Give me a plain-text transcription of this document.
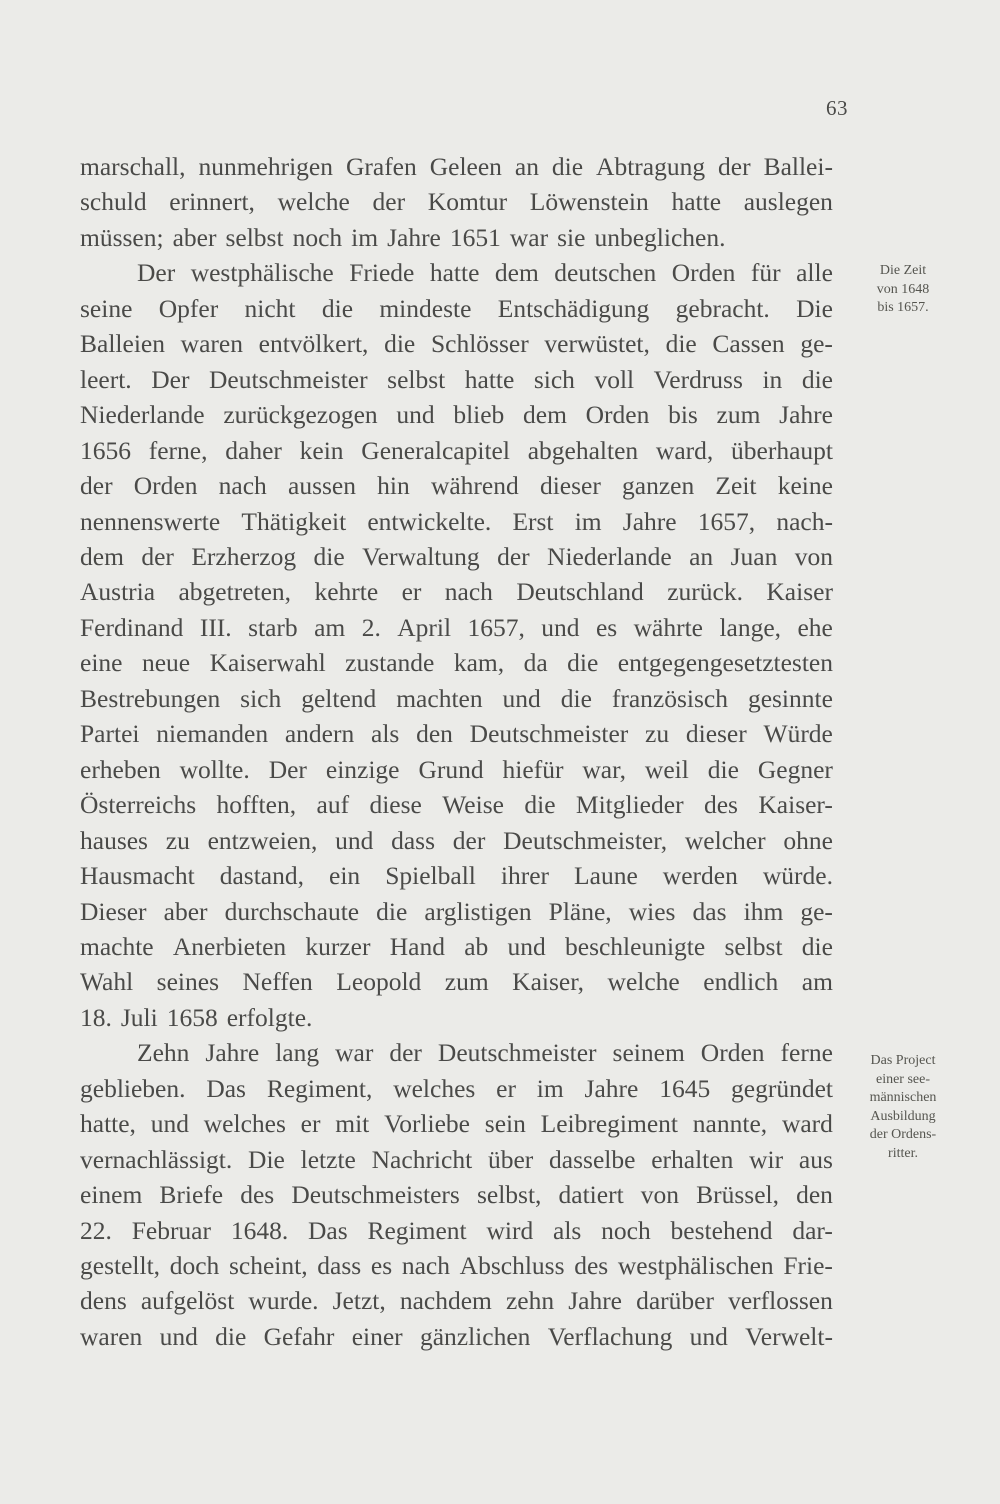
63
marschall, nunmehrigen Grafen Geleen an die Abtragung der Ballei-
schuld erinnert, welche der Komtur Löwenstein hatte auslegen
müssen; aber selbst noch im Jahre 1651 war sie unbeglichen.
Der westphälische Friede hatte dem deutschen Orden für alle
seine Opfer nicht die mindeste Entschädigung gebracht. Die
Balleien waren entvölkert, die Schlösser verwüstet, die Cassen ge-
leert. Der Deutschmeister selbst hatte sich voll Verdruss in die
Niederlande zurückgezogen und blieb dem Orden bis zum Jahre
1656 ferne, daher kein Generalcapitel abgehalten ward, überhaupt
der Orden nach aussen hin während dieser ganzen Zeit keine
nennenswerte Thätigkeit entwickelte. Erst im Jahre 1657, nach-
dem der Erzherzog die Verwaltung der Niederlande an Juan von
Austria abgetreten, kehrte er nach Deutschland zurück. Kaiser
Ferdinand III. starb am 2. April 1657, und es währte lange, ehe
eine neue Kaiserwahl zustande kam, da die entgegengesetztesten
Bestrebungen sich geltend machten und die französisch gesinnte
Partei niemanden andern als den Deutschmeister zu dieser Würde
erheben wollte. Der einzige Grund hiefür war, weil die Gegner
Österreichs hofften, auf diese Weise die Mitglieder des Kaiser-
hauses zu entzweien, und dass der Deutschmeister, welcher ohne
Hausmacht dastand, ein Spielball ihrer Laune werden würde.
Dieser aber durchschaute die arglistigen Pläne, wies das ihm ge-
machte Anerbieten kurzer Hand ab und beschleunigte selbst die
Wahl seines Neffen Leopold zum Kaiser, welche endlich am
18. Juli 1658 erfolgte.
Zehn Jahre lang war der Deutschmeister seinem Orden ferne
geblieben. Das Regiment, welches er im Jahre 1645 gegründet
hatte, und welches er mit Vorliebe sein Leibregiment nannte, ward
vernachlässigt. Die letzte Nachricht über dasselbe erhalten wir aus
einem Briefe des Deutschmeisters selbst, datiert von Brüssel, den
22. Februar 1648. Das Regiment wird als noch bestehend dar-
gestellt, doch scheint, dass es nach Abschluss des westphälischen Frie-
dens aufgelöst wurde. Jetzt, nachdem zehn Jahre darüber verflossen
waren und die Gefahr einer gänzlichen Verflachung und Verwelt-
Die Zeit
von 1648
bis 1657.
Das Project
einer see-
männischen
Ausbildung
der Ordens-
ritter.
